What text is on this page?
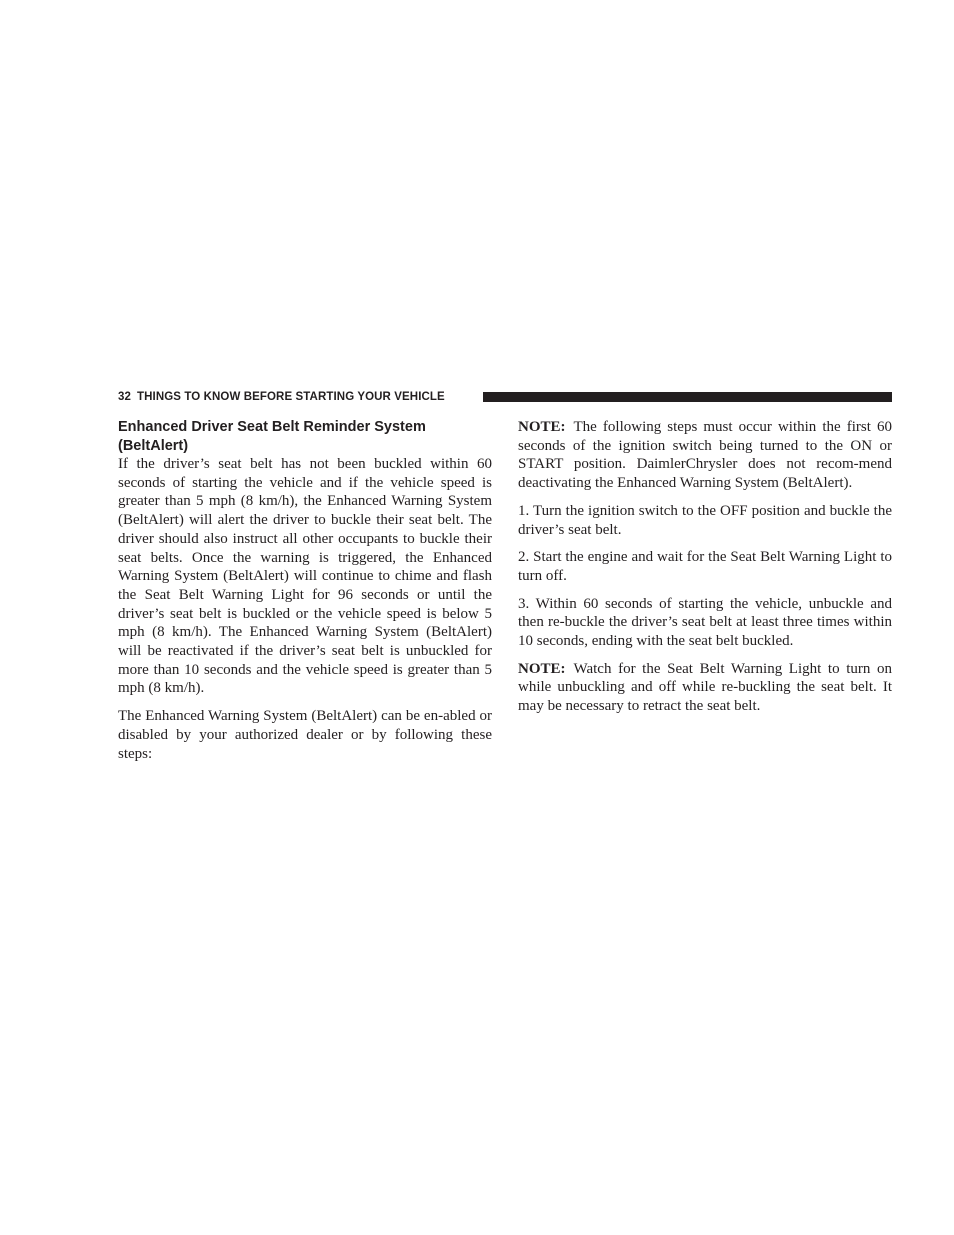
32 THINGS TO KNOW BEFORE STARTING YOUR VEHICLE
Enhanced Driver Seat Belt Reminder System (BeltAlert)

If the driver’s seat belt has not been buckled within 60 seconds of starting the vehicle and if the vehicle speed is greater than 5 mph (8 km/h), the Enhanced Warning System (BeltAlert) will alert the driver to buckle their seat belt. The driver should also instruct all other occupants to buckle their seat belts. Once the warning is triggered, the Enhanced Warning System (BeltAlert) will continue to chime and flash the Seat Belt Warning Light for 96 seconds or until the driver’s seat belt is buckled or the vehicle speed is below 5 mph (8 km/h). The Enhanced Warning System (BeltAlert) will be reactivated if the driver’s seat belt is unbuckled for more than 10 seconds and the vehicle speed is greater than 5 mph (8 km/h).

The Enhanced Warning System (BeltAlert) can be en-abled or disabled by your authorized dealer or by following these steps:

NOTE: The following steps must occur within the first 60 seconds of the ignition switch being turned to the ON or START position. DaimlerChrysler does not recom-mend deactivating the Enhanced Warning System (BeltAlert).

1. Turn the ignition switch to the OFF position and buckle the driver’s seat belt.

2. Start the engine and wait for the Seat Belt Warning Light to turn off.

3. Within 60 seconds of starting the vehicle, unbuckle and then re-buckle the driver’s seat belt at least three times within 10 seconds, ending with the seat belt buckled.

NOTE: Watch for the Seat Belt Warning Light to turn on while unbuckling and off while re-buckling the seat belt. It may be necessary to retract the seat belt.
